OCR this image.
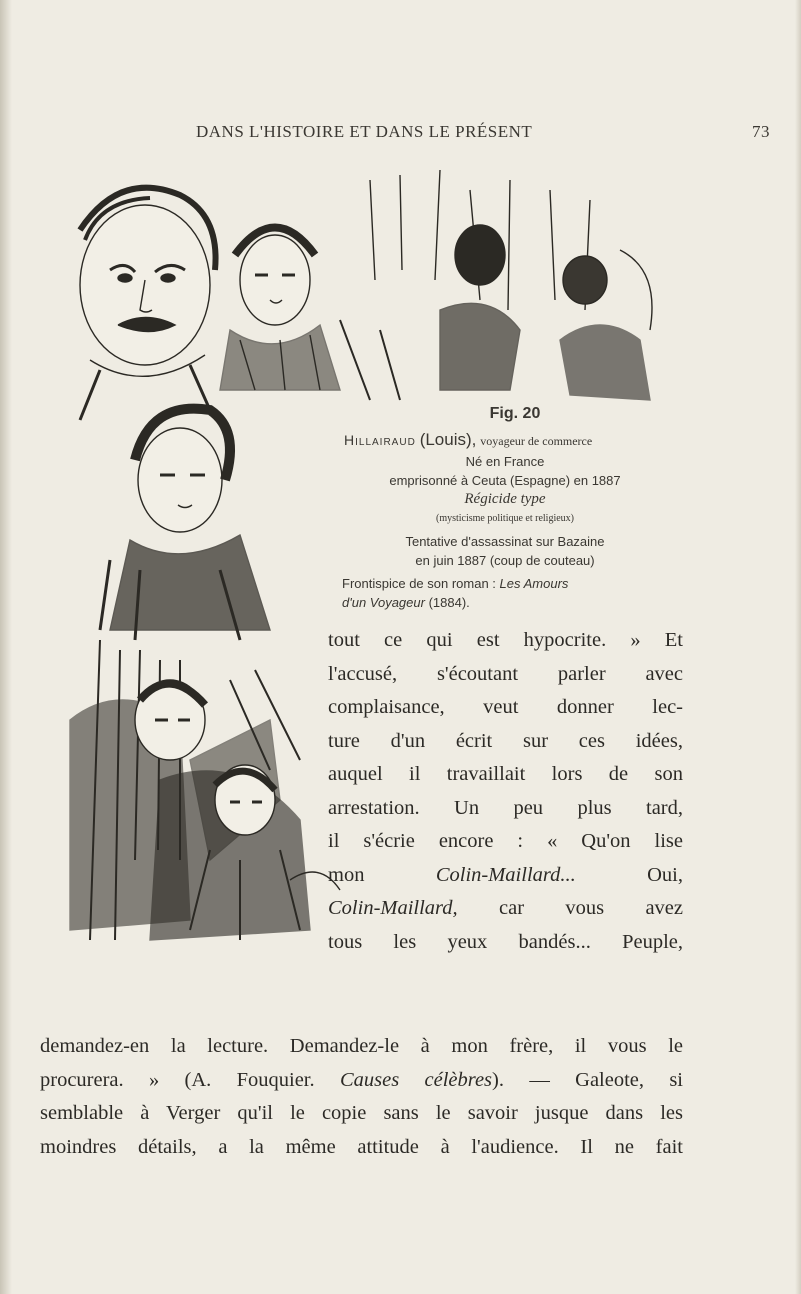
DANS L'HISTOIRE ET DANS LE PRÉSENT	73
Fig. 20
Hillairaud (Louis), voyageur de commerce
Né en France
emprisonné à Ceuta (Espagne) en 1887
Régicide type
(mysticisme politique et religieux)
Tentative d'assassinat sur Bazaine
en juin 1887 (coup de couteau)
Frontispice de son roman : Les Amours
d'un Voyageur (1884).
tout ce qui est hypocrite. » Et
l'accusé, s'écoutant parler avec
complaisance, veut donner lec-
ture d'un écrit sur ces idées,
auquel il travaillait lors de son
arrestation. Un peu plus tard,
il s'écrie encore : « Qu'on lise
mon Colin-Maillard... Oui,
Colin-Maillard, car vous avez
tous les yeux bandés... Peuple,
demandez-en la lecture. Demandez-le à mon frère, il vous le
procurera. » (A. Fouquier. Causes célèbres). — Galeote, si
semblable à Verger qu'il le copie sans le savoir jusque dans les
moindres détails, a la même attitude à l'audience. Il ne fait
